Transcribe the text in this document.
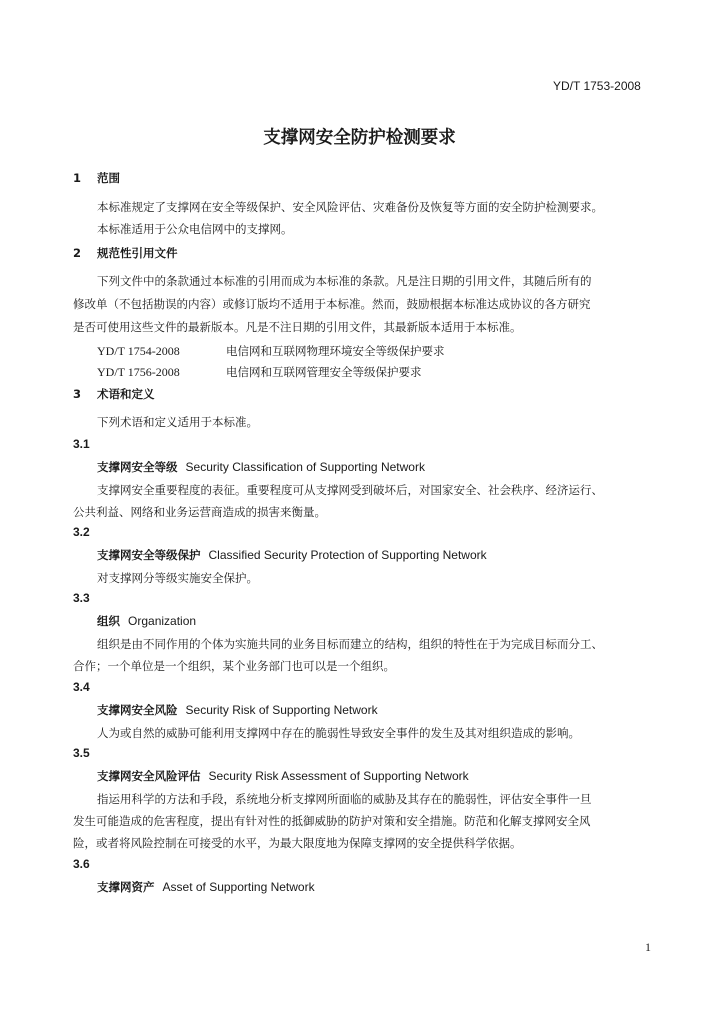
YD/T 1753-2008
支撑网安全防护检测要求
1 范围
本标准规定了支撑网在安全等级保护、安全风险评估、灾难备份及恢复等方面的安全防护检测要求。
本标准适用于公众电信网中的支撑网。
2 规范性引用文件
下列文件中的条款通过本标准的引用而成为本标准的条款。凡是注日期的引用文件，其随后所有的
修改单（不包括勘误的内容）或修订版均不适用于本标准。然而，鼓励根据本标准达成协议的各方研究
是否可使用这些文件的最新版本。凡是不注日期的引用文件，其最新版本适用于本标准。
YD/T 1754-2008	电信网和互联网物理环境安全等级保护要求
YD/T 1756-2008	电信网和互联网管理安全等级保护要求
3 术语和定义
下列术语和定义适用于本标准。
3.1
支撑网安全等级 Security Classification of Supporting Network
支撑网安全重要程度的表征。重要程度可从支撑网受到破坏后，对国家安全、社会秩序、经济运行、
公共利益、网络和业务运营商造成的损害来衡量。
3.2
支撑网安全等级保护 Classified Security Protection of Supporting Network
对支撑网分等级实施安全保护。
3.3
组织 Organization
组织是由不同作用的个体为实施共同的业务目标而建立的结构，组织的特性在于为完成目标而分工、
合作；一个单位是一个组织，某个业务部门也可以是一个组织。
3.4
支撑网安全风险 Security Risk of Supporting Network
人为或自然的威胁可能利用支撑网中存在的脆弱性导致安全事件的发生及其对组织造成的影响。
3.5
支撑网安全风险评估 Security Risk Assessment of Supporting Network
指运用科学的方法和手段，系统地分析支撑网所面临的威胁及其存在的脆弱性，评估安全事件一旦
发生可能造成的危害程度，提出有针对性的抵御威胁的防护对策和安全措施。防范和化解支撑网安全风
险，或者将风险控制在可接受的水平，为最大限度地为保障支撑网的安全提供科学依据。
3.6
支撑网资产 Asset of Supporting Network
1
